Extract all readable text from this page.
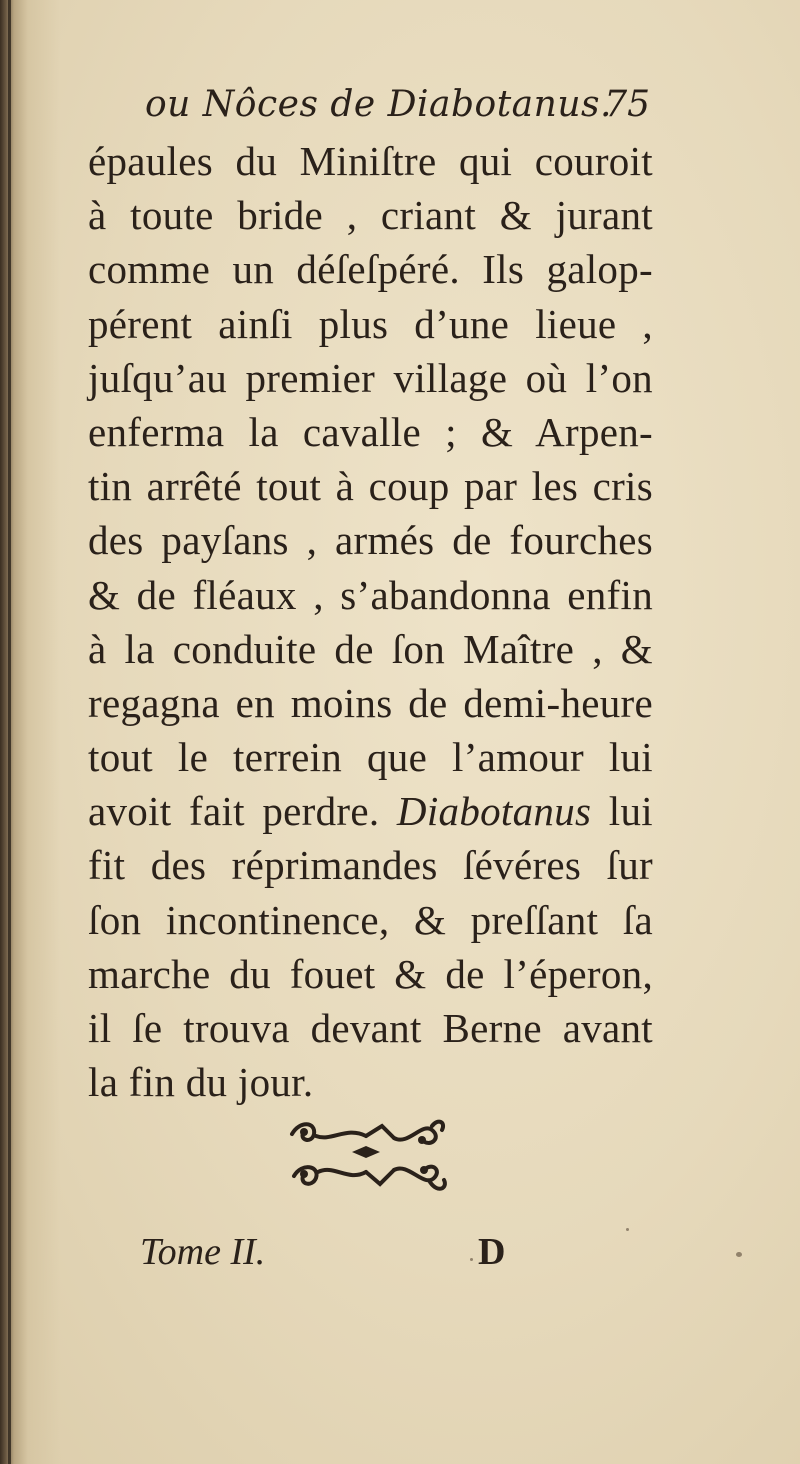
ou Nôces de Diabotanus.
75
épaules du Miniſtre qui couroit
à toute bride , criant & jurant
comme un déſeſpéré. Ils galop-
pérent ainſi plus d’une lieue ,
juſqu’au premier village où l’on
enferma la cavalle ; & Arpen-
tin arrêté tout à coup par les cris
des payſans , armés de fourches
& de fléaux , s’abandonna enfin
à la conduite de ſon Maître , &
regagna en moins de demi-heure
tout le terrein que l’amour lui
avoit fait perdre. Diabotanus lui
fit des réprimandes ſévéres ſur
ſon incontinence, & preſſant ſa
marche du fouet & de l’éperon,
il ſe trouva devant Berne avant
la fin du jour.
Tome II.	D
